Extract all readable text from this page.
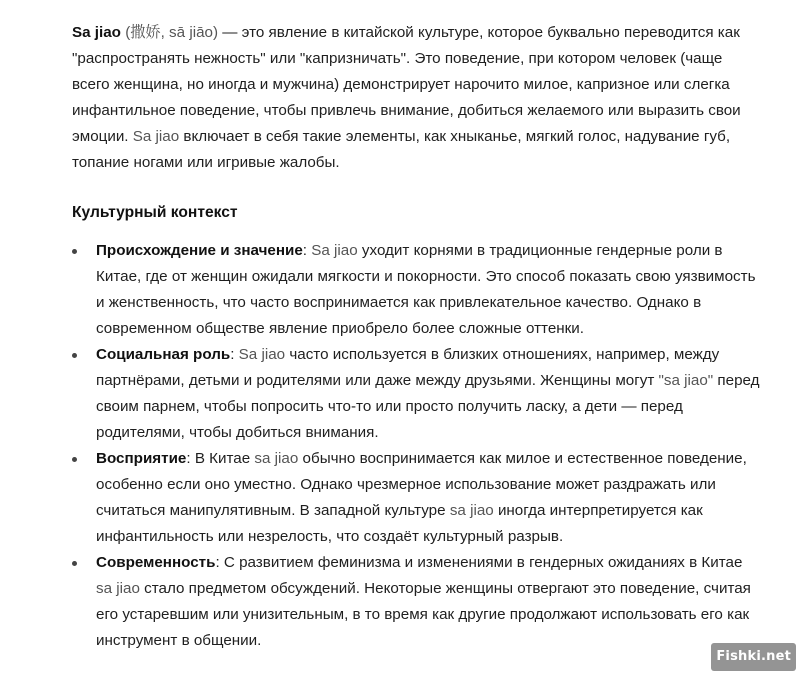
Sa jiao (撒娇, sā jiāo) — это явление в китайской культуре, которое буквально переводится как "распространять нежность" или "капризничать". Это поведение, при котором человек (чаще всего женщина, но иногда и мужчина) демонстрирует нарочито милое, капризное или слегка инфантильное поведение, чтобы привлечь внимание, добиться желаемого или выразить свои эмоции. Sa jiao включает в себя такие элементы, как хныканье, мягкий голос, надувание губ, топание ногами или игривые жалобы.

Культурный контекст
Происхождение и значение: Sa jiao уходит корнями в традиционные гендерные роли в Китае, где от женщин ожидали мягкости и покорности. Это способ показать свою уязвимость и женственность, что часто воспринимается как привлекательное качество. Однако в современном обществе явление приобрело более сложные оттенки.
Социальная роль: Sa jiao часто используется в близких отношениях, например, между партнёрами, детьми и родителями или даже между друзьями. Женщины могут "sa jiao" перед своим парнем, чтобы попросить что-то или просто получить ласку, а дети — перед родителями, чтобы добиться внимания.
Восприятие: В Китае sa jiao обычно воспринимается как милое и естественное поведение, особенно если оно уместно. Однако чрезмерное использование может раздражать или считаться манипулятивным. В западной культуре sa jiao иногда интерпретируется как инфантильность или незрелость, что создаёт культурный разрыв.
Современность: С развитием феминизма и изменениями в гендерных ожиданиях в Китае sa jiao стало предметом обсуждений. Некоторые женщины отвергают это поведение, считая его устаревшим или унизительным, в то время как другие продолжают использовать его как инструмент в общении.
Fishki.net
